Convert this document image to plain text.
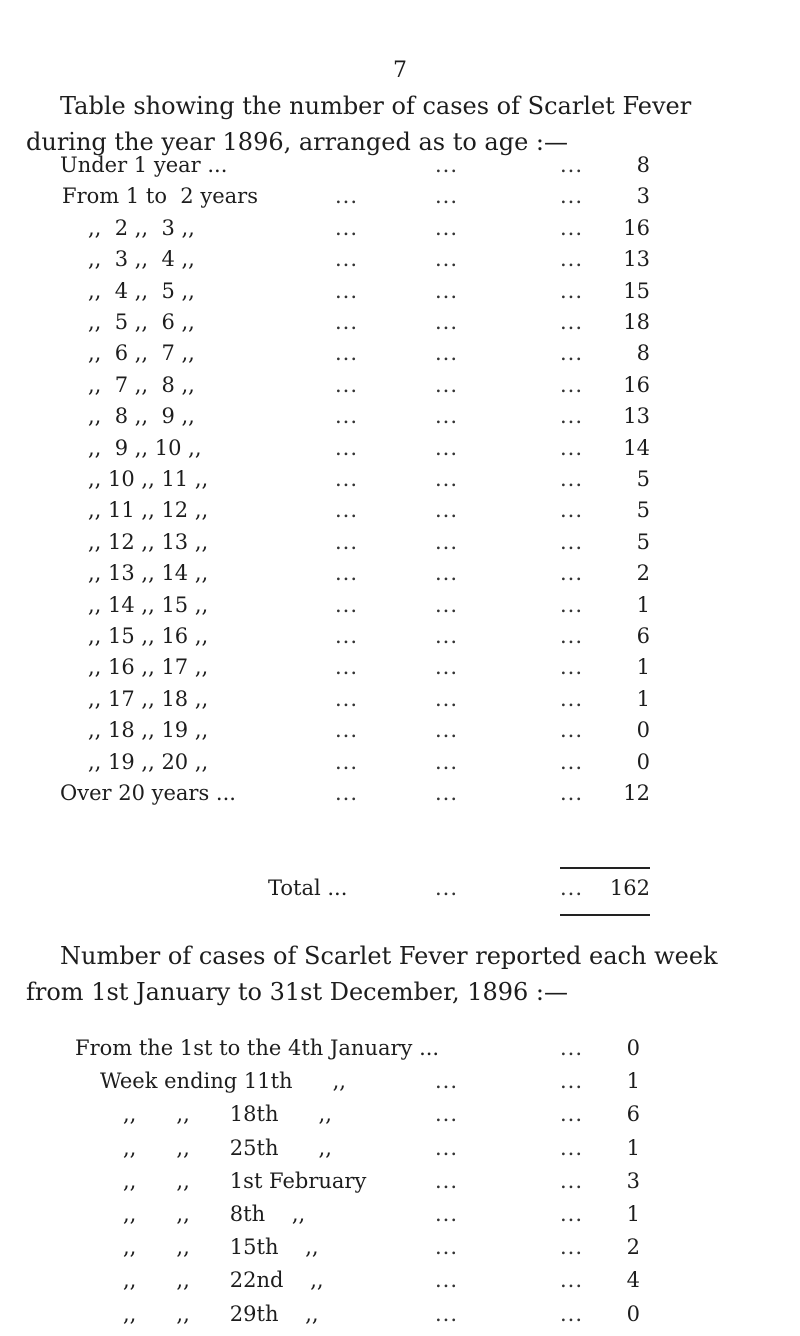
7
Table showing the number of cases of Scarlet Fever
during the year 1896, arranged as to age :—
Under 1 year ...	...	...	8
From 1 to  2 years	...	...	...	3
,,  2 ,,  3 ,,	...	...	...	16
,,  3 ,,  4 ,,	...	...	...	13
,,  4 ,,  5 ,,	...	...	...	15
,,  5 ,,  6 ,,	...	...	...	18
,,  6 ,,  7 ,,	...	...	...	8
,,  7 ,,  8 ,,	...	...	...	16
,,  8 ,,  9 ,,	...	...	...	13
,,  9 ,, 10 ,,	...	...	...	14
,, 10 ,, 11 ,,	...	...	...	5
,, 11 ,, 12 ,,	...	...	...	5
,, 12 ,, 13 ,,	...	...	...	5
,, 13 ,, 14 ,,	...	...	...	2
,, 14 ,, 15 ,,	...	...	...	1
,, 15 ,, 16 ,,	...	...	...	6
,, 16 ,, 17 ,,	...	...	...	1
,, 17 ,, 18 ,,	...	...	...	1
,, 18 ,, 19 ,,	...	...	...	0
,, 19 ,, 20 ,,	...	...	...	0
Over 20 years ...	...	...	...	12
Total ...	...	...	162
Number of cases of Scarlet Fever reported each week
from 1st January to 31st December, 1896 :—
From the 1st to the 4th January ...	...	0
Week ending 11th      ,,	...	...	1
,,      ,,      18th      ,,	...	...	6
,,      ,,      25th      ,,	...	...	1
,,      ,,      1st February	...	...	3
,,      ,,      8th    ,,	...	...	1
,,      ,,      15th    ,,	...	...	2
,,      ,,      22nd    ,,	...	...	4
,,      ,,      29th    ,,	...	...	0
